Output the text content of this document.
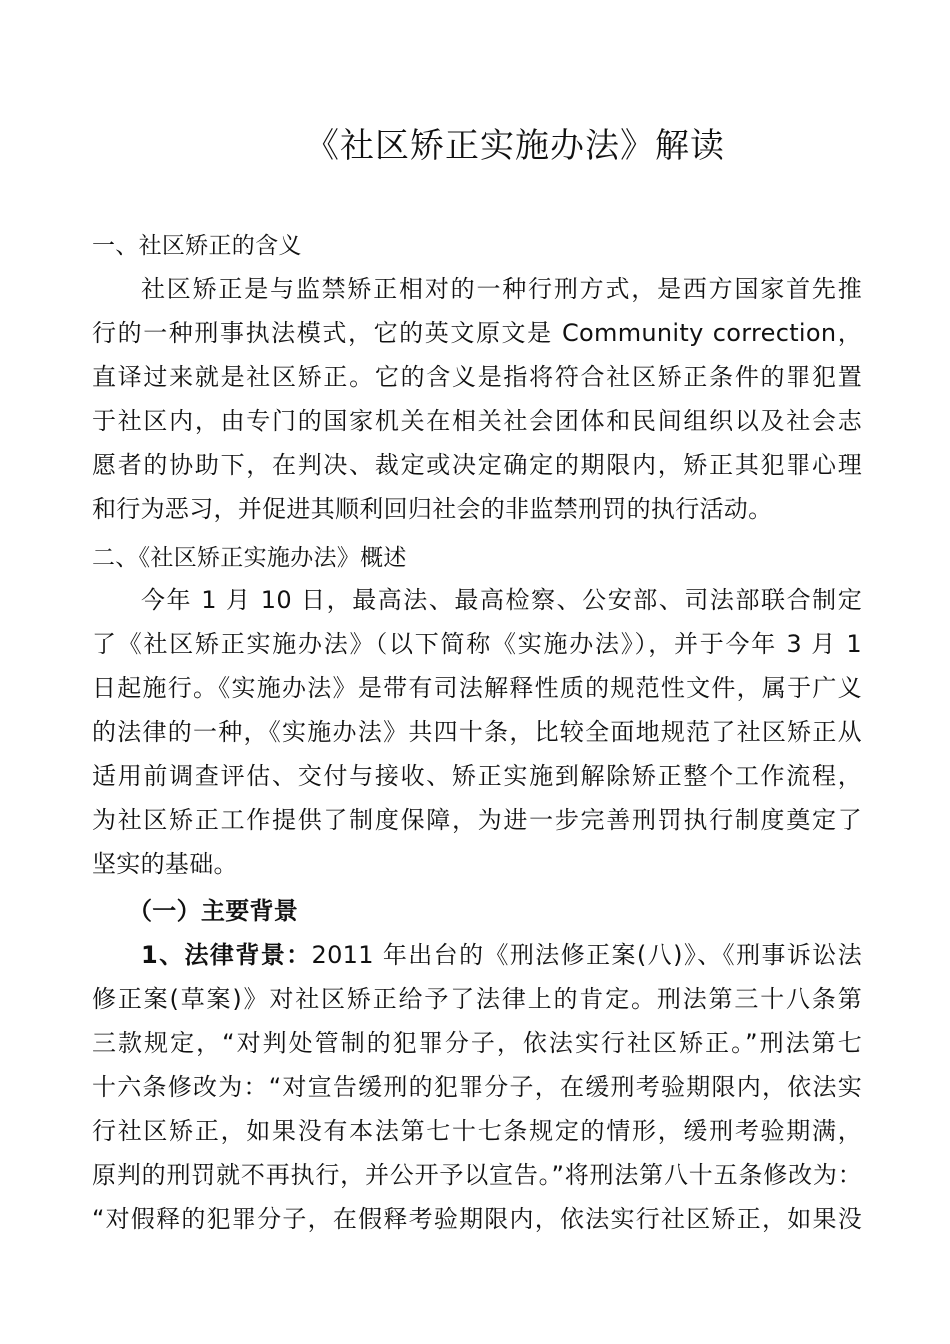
《社区矫正实施办法》解读
一、社区矫正的含义
社区矫正是与监禁矫正相对的一种行刑方式，是西方国家首先推
行的一种刑事执法模式，它的英文原文是 Community correction，
直译过来就是社区矫正。它的含义是指将符合社区矫正条件的罪犯置
于社区内，由专门的国家机关在相关社会团体和民间组织以及社会志
愿者的协助下，在判决、裁定或决定确定的期限内，矫正其犯罪心理
和行为恶习，并促进其顺利回归社会的非监禁刑罚的执行活动。
二、《社区矫正实施办法》概述
今年 1 月 10 日，最高法、最高检察、公安部、司法部联合制定
了《社区矫正实施办法》（以下简称《实施办法》），并于今年 3 月 1
日起施行。《实施办法》是带有司法解释性质的规范性文件，属于广义
的法律的一种，《实施办法》共四十条，比较全面地规范了社区矫正从
适用前调查评估、交付与接收、矫正实施到解除矫正整个工作流程，
为社区矫正工作提供了制度保障，为进一步完善刑罚执行制度奠定了
坚实的基础。
（一）主要背景
1、法律背景：2011 年出台的《刑法修正案(八)》、《刑事诉讼法
修正案(草案)》对社区矫正给予了法律上的肯定。刑法第三十八条第
三款规定，“对判处管制的犯罪分子，依法实行社区矫正。”刑法第七
十六条修改为：“对宣告缓刑的犯罪分子，在缓刑考验期限内，依法实
行社区矫正，如果没有本法第七十七条规定的情形，缓刑考验期满，
原判的刑罚就不再执行，并公开予以宣告。”将刑法第八十五条修改为：
“对假释的犯罪分子，在假释考验期限内，依法实行社区矫正，如果没
